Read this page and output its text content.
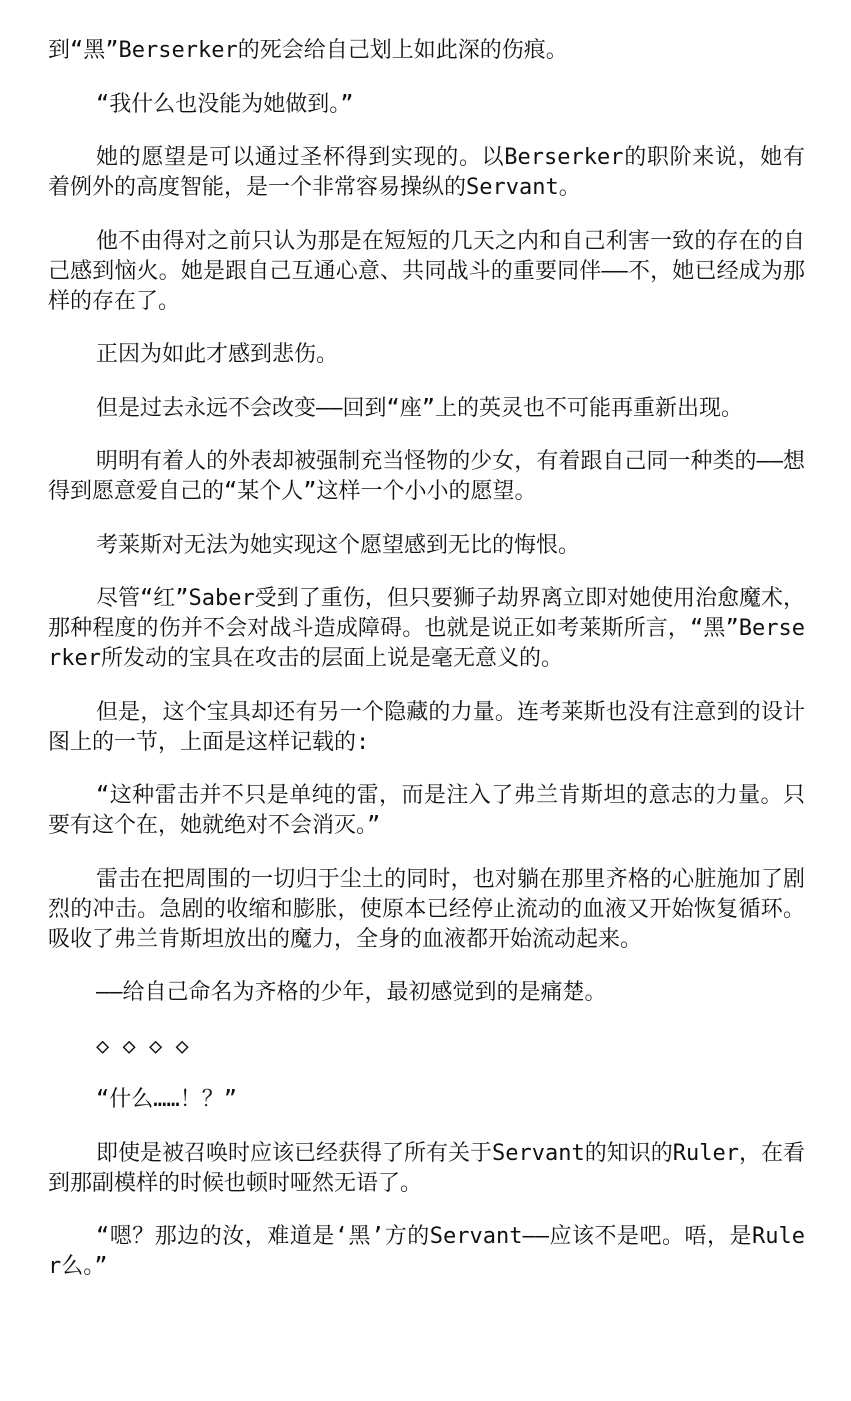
到“黑”Berserker的死会给自己划上如此深的伤痕。

“我什么也没能为她做到。”

她的愿望是可以通过圣杯得到实现的。以Berserker的职阶来说，她有着例外的高度智能，是一个非常容易操纵的Servant。

他不由得对之前只认为那是在短短的几天之内和自己利害一致的存在的自己感到恼火。她是跟自己互通心意、共同战斗的重要同伴——不，她已经成为那样的存在了。

正因为如此才感到悲伤。

但是过去永远不会改变——回到“座”上的英灵也不可能再重新出现。

明明有着人的外表却被强制充当怪物的少女，有着跟自己同一种类的——想得到愿意爱自己的“某个人”这样一个小小的愿望。

考莱斯对无法为她实现这个愿望感到无比的悔恨。

尽管“红”Saber受到了重伤，但只要狮子劫界离立即对她使用治愈魔术，那种程度的伤并不会对战斗造成障碍。也就是说正如考莱斯所言，“黑”Berserker所发动的宝具在攻击的层面上说是毫无意义的。

但是，这个宝具却还有另一个隐藏的力量。连考莱斯也没有注意到的设计图上的一节，上面是这样记载的:

“这种雷击并不只是单纯的雷，而是注入了弗兰肯斯坦的意志的力量。只要有这个在，她就绝对不会消灭。”

雷击在把周围的一切归于尘土的同时，也对躺在那里齐格的心脏施加了剧烈的冲击。急剧的收缩和膨胀，使原本已经停止流动的血液又开始恢复循环。吸收了弗兰肯斯坦放出的魔力，全身的血液都开始流动起来。

——给自己命名为齐格的少年，最初感觉到的是痛楚。

◇ ◇ ◇ ◇

“什么……！？”

即使是被召唤时应该已经获得了所有关于Servant的知识的Ruler，在看到那副模样的时候也顿时哑然无语了。

“嗯？那边的汝，难道是‘黑’方的Servant——应该不是吧。唔，是Ruler么。”
